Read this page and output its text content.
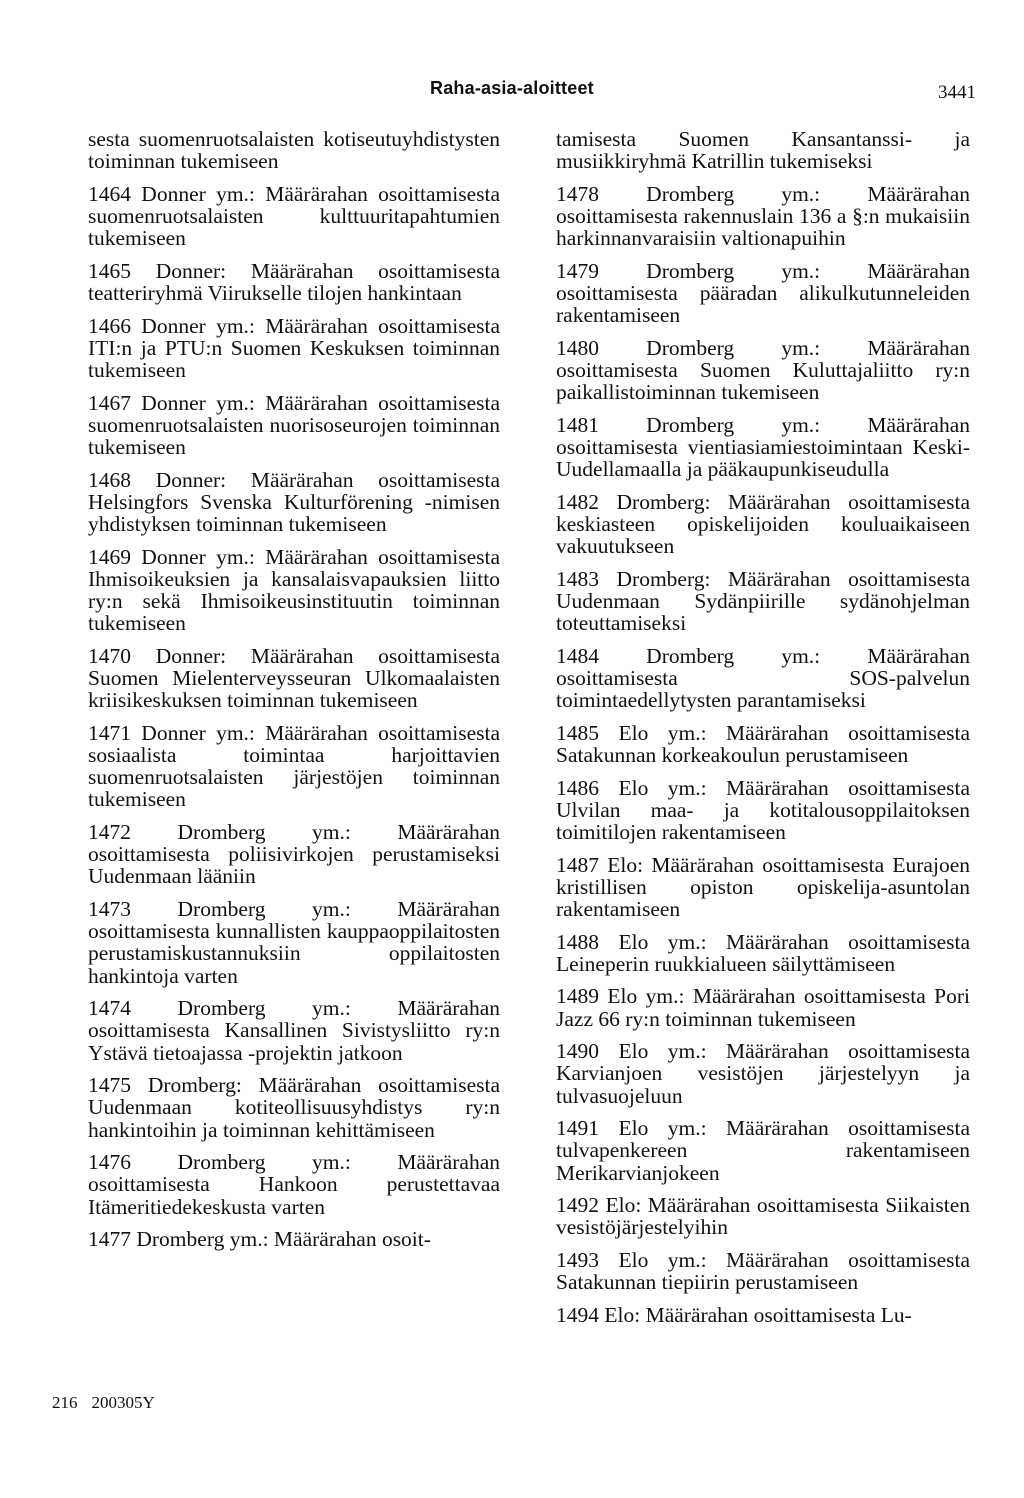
Raha-asia-aloitteet	3441

sesta suomenruotsalaisten kotiseutuyhdistysten toiminnan tukemiseen

1464 Donner ym.: Määrärahan osoittamisesta suomenruotsalaisten kulttuuritapahtumien tukemiseen

1465 Donner: Määrärahan osoittamisesta teatteriryhmä Viirukselle tilojen hankintaan

1466 Donner ym.: Määrärahan osoittamisesta ITI:n ja PTU:n Suomen Keskuksen toiminnan tukemiseen

1467 Donner ym.: Määrärahan osoittamisesta suomenruotsalaisten nuorisoseurojen toiminnan tukemiseen

1468 Donner: Määrärahan osoittamisesta Helsingfors Svenska Kulturförening -nimisen yhdistyksen toiminnan tukemiseen

1469 Donner ym.: Määrärahan osoittamisesta Ihmisoikeuksien ja kansalaisvapauksien liitto ry:n sekä Ihmisoikeusinstituutin toiminnan tukemiseen

1470 Donner: Määrärahan osoittamisesta Suomen Mielenterveysseuran Ulkomaalaisten kriisikeskuksen toiminnan tukemiseen

1471 Donner ym.: Määrärahan osoittamisesta sosiaalista toimintaa harjoittavien suomenruotsalaisten järjestöjen toiminnan tukemiseen

1472 Dromberg ym.: Määrärahan osoittamisesta poliisivirkojen perustamiseksi Uudenmaan lääniin

1473 Dromberg ym.: Määrärahan osoittamisesta kunnallisten kauppaoppilaitosten perustamiskustannuksiin oppilaitosten hankintoja varten

1474 Dromberg ym.: Määrärahan osoittamisesta Kansallinen Sivistysliitto ry:n Ystävä tietoajassa -projektin jatkoon

1475 Dromberg: Määrärahan osoittamisesta Uudenmaan kotiteollisuusyhdistys ry:n hankintoihin ja toiminnan kehittämiseen

1476 Dromberg ym.: Määrärahan osoittamisesta Hankoon perustettavaa Itämeritiedekeskusta varten

1477 Dromberg ym.: Määrärahan osoit-

tamisesta Suomen Kansantanssi- ja musiikkiryhmä Katrillin tukemiseksi

1478 Dromberg ym.: Määrärahan osoittamisesta rakennuslain 136 a §:n mukaisiin harkinnanvaraisiin valtionapuihin

1479 Dromberg ym.: Määrärahan osoittamisesta pääradan alikulkutunneleiden rakentamiseen

1480 Dromberg ym.: Määrärahan osoittamisesta Suomen Kuluttajaliitto ry:n paikallistoiminnan tukemiseen

1481 Dromberg ym.: Määrärahan osoittamisesta vientiasiamiestoimintaan Keski-Uudellamaalla ja pääkaupunkiseudulla

1482 Dromberg: Määrärahan osoittamisesta keskiasteen opiskelijoiden kouluaikaiseen vakuutukseen

1483 Dromberg: Määrärahan osoittamisesta Uudenmaan Sydänpiirille sydänohjelman toteuttamiseksi

1484 Dromberg ym.: Määrärahan osoittamisesta SOS-palvelun toimintaedellytysten parantamiseksi

1485 Elo ym.: Määrärahan osoittamisesta Satakunnan korkeakoulun perustamiseen

1486 Elo ym.: Määrärahan osoittamisesta Ulvilan maa- ja kotitalousoppilaitoksen toimitilojen rakentamiseen

1487 Elo: Määrärahan osoittamisesta Eurajoen kristillisen opiston opiskelija-asuntolan rakentamiseen

1488 Elo ym.: Määrärahan osoittamisesta Leineperin ruukkialueen säilyttämiseen

1489 Elo ym.: Määrärahan osoittamisesta Pori Jazz 66 ry:n toiminnan tukemiseen

1490 Elo ym.: Määrärahan osoittamisesta Karvianjoen vesistöjen järjestelyyn ja tulvasuojeluun

1491 Elo ym.: Määrärahan osoittamisesta tulvapenkereen rakentamiseen Merikarvianjokeen

1492 Elo: Määrärahan osoittamisesta Siikaisten vesistöjärjestelyihin

1493 Elo ym.: Määrärahan osoittamisesta Satakunnan tiepiirin perustamiseen

1494 Elo: Määrärahan osoittamisesta Lu-

216 200305Y
